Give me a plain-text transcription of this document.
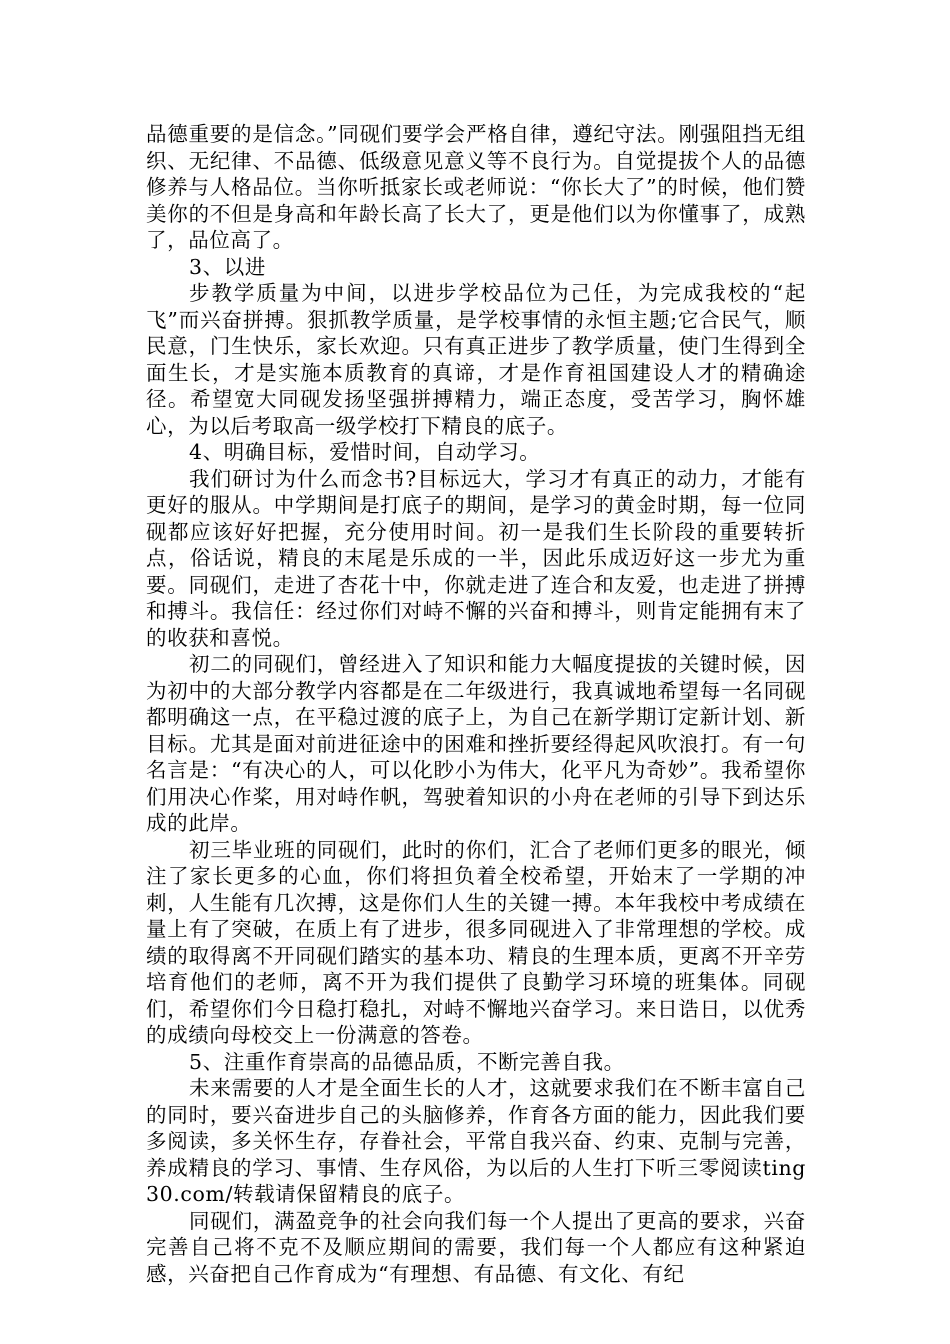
品德重要的是信念。”同砚们要学会严格自律，遵纪守法。刚强阻挡无组织、无纪律、不品德、低级意见意义等不良行为。自觉提拔个人的品德修养与人格品位。当你听抵家长或老师说：“你长大了”的时候，他们赞美你的不但是身高和年龄长高了长大了，更是他们以为你懂事了，成熟了，品位高了。

3、以进

步教学质量为中间，以进步学校品位为己任，为完成我校的“起飞”而兴奋拼搏。狠抓教学质量，是学校事情的永恒主题;它合民气，顺民意，门生快乐，家长欢迎。只有真正进步了教学质量，使门生得到全面生长，才是实施本质教育的真谛，才是作育祖国建设人才的精确途径。希望宽大同砚发扬坚强拼搏精力，端正态度，受苦学习，胸怀雄心，为以后考取高一级学校打下精良的底子。

4、明确目标，爱惜时间，自动学习。

我们研讨为什么而念书?目标远大，学习才有真正的动力，才能有更好的服从。中学期间是打底子的期间，是学习的黄金时期，每一位同砚都应该好好把握，充分使用时间。初一是我们生长阶段的重要转折点，俗话说，精良的末尾是乐成的一半，因此乐成迈好这一步尤为重要。同砚们，走进了杏花十中，你就走进了连合和友爱，也走进了拼搏和搏斗。我信任：经过你们对峙不懈的兴奋和搏斗，则肯定能拥有末了的收获和喜悦。

初二的同砚们，曾经进入了知识和能力大幅度提拔的关键时候，因为初中的大部分教学内容都是在二年级进行，我真诚地希望每一名同砚都明确这一点，在平稳过渡的底子上，为自己在新学期订定新计划、新目标。尤其是面对前进征途中的困难和挫折要经得起风吹浪打。有一句名言是：“有决心的人，可以化眇小为伟大，化平凡为奇妙”。我希望你们用决心作桨，用对峙作帆，驾驶着知识的小舟在老师的引导下到达乐成的此岸。

初三毕业班的同砚们，此时的你们，汇合了老师们更多的眼光，倾注了家长更多的心血，你们将担负着全校希望，开始末了一学期的冲刺，人生能有几次搏，这是你们人生的关键一搏。本年我校中考成绩在量上有了突破，在质上有了进步，很多同砚进入了非常理想的学校。成绩的取得离不开同砚们踏实的基本功、精良的生理本质，更离不开辛劳培育他们的老师，离不开为我们提供了良勤学习环境的班集体。同砚们，希望你们今日稳打稳扎，对峙不懈地兴奋学习。来日诰日，以优秀的成绩向母校交上一份满意的答卷。

5、注重作育崇高的品德品质，不断完善自我。

未来需要的人才是全面生长的人才，这就要求我们在不断丰富自己的同时，要兴奋进步自己的头脑修养，作育各方面的能力，因此我们要多阅读，多关怀生存，存眷社会，平常自我兴奋、约束、克制与完善，养成精良的学习、事情、生存风俗，为以后的人生打下听三零阅读ting30.com/转载请保留精良的底子。

同砚们，满盈竞争的社会向我们每一个人提出了更高的要求，兴奋完善自己将不克不及顺应期间的需要，我们每一个人都应有这种紧迫感，兴奋把自己作育成为“有理想、有品德、有文化、有纪
